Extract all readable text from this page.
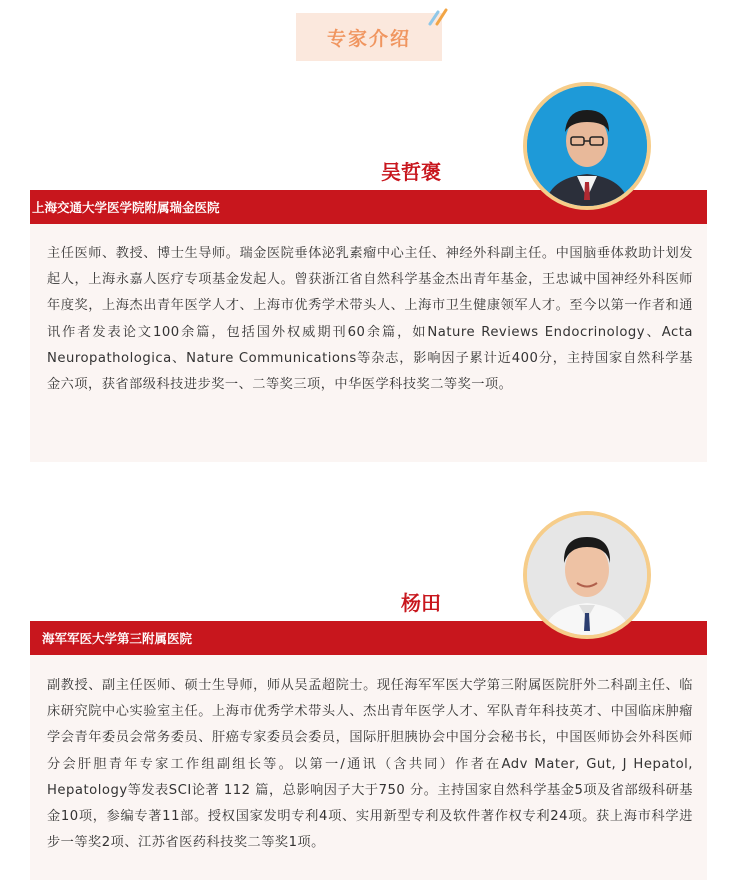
专家介绍
主任医师、教授、博士生导师。瑞金医院垂体泌乳素瘤中心主任、神经外科副主任。中国脑垂体救助计划发起人，上海永嘉人医疗专项基金发起人。曾获浙江省自然科学基金杰出青年基金，王忠诚中国神经外科医师年度奖，上海杰出青年医学人才、上海市优秀学术带头人、上海市卫生健康领军人才。至今以第一作者和通讯作者发表论文100余篇，包括国外权威期刊60余篇，如Nature Reviews Endocrinology、Acta Neuropathologica、Nature Communications等杂志，影响因子累计近400分，主持国家自然科学基金六项，获省部级科技进步奖一、二等奖三项，中华医学科技奖二等奖一项。
上海交通大学医学院附属瑞金医院
吴哲褒
副教授、副主任医师、硕士生导师，师从吴孟超院士。现任海军军医大学第三附属医院肝外二科副主任、临床研究院中心实验室主任。上海市优秀学术带头人、杰出青年医学人才、军队青年科技英才、中国临床肿瘤学会青年委员会常务委员、肝癌专家委员会委员，国际肝胆胰协会中国分会秘书长，中国医师协会外科医师分会肝胆青年专家工作组副组长等。以第一/通讯（含共同）作者在Adv Mater, Gut, J Hepatol, Hepatology等发表SCI论著 112 篇，总影响因子大于750 分。主持国家自然科学基金5项及省部级科研基金10项，参编专著11部。授权国家发明专利4项、实用新型专利及软件著作权专利24项。获上海市科学进步一等奖2项、江苏省医药科技奖二等奖1项。
海军军医大学第三附属医院
杨田
